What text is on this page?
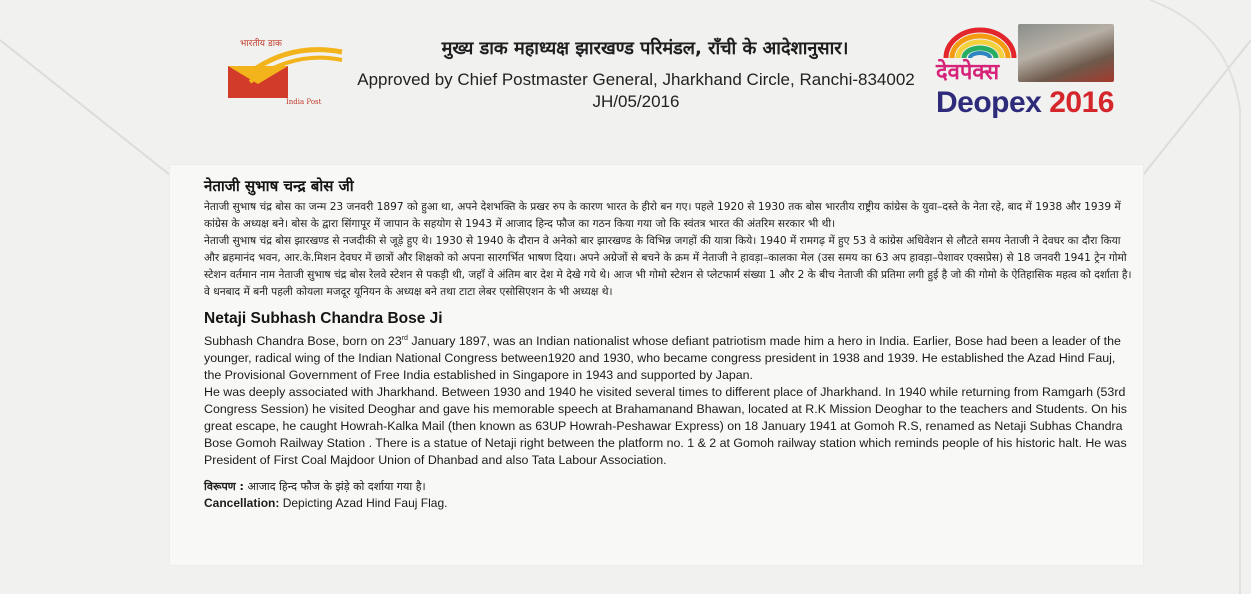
भारतीय डाक
India Post
मुख्य डाक महाध्यक्ष झारखण्ड परिमंडल, राँची के आदेशानुसार।
Approved by Chief Postmaster General, Jharkhand Circle, Ranchi-834002
JH/05/2016
देवपेक्स
Deopex 2016
नेताजी सुभाष चन्द्र बोस जी

नेताजी सुभाष चंद्र बोस का जन्म 23 जनवरी 1897 को हुआ था, अपने देशभक्ति के प्रखर रुप के कारण भारत के हीरो बन गए। पहले 1920 से 1930 तक बोस भारतीय राष्ट्रीय कांग्रेस के युवा–दस्ते के नेता रहे, बाद में 1938 और 1939 में कांग्रेस के अध्यक्ष बने। बोस के द्वारा सिंगापूर में जापान के सहयोग से 1943 में आजाद हिन्द फौज का गठन किया गया जो कि स्वंतत्र भारत की अंतरिम सरकार भी थी।

नेताजी सुभाष चंद्र बोस झारखण्ड से नजदीकी से जूड़े हुए थे। 1930 से 1940 के दौरान वे अनेको बार झारखण्ड के विभिन्न जगहों की यात्रा किये। 1940 में रामगढ़ में हुए 53 वे कांग्रेस अधिवेशन से लौटते समय नेताजी ने देवघर का दौरा किया और ब्रहमानंद भवन, आर.के.मिशन देवघर में छात्रों और शिक्षको को अपना सारगर्भित भाषण दिया। अपने अग्रेजों से बचने के क्रम में नेताजी ने हावड़ा–कालका मेल (उस समय का 63 अप हावड़ा–पेशावर एक्सप्रेस) से 18 जनवरी 1941 ट्रेन गोमो स्टेशन वर्तमान नाम नेताजी सुभाष चंद्र बोस रेलवे स्टेशन से पकड़ी थी, जहाँ वे अंतिम बार देश मे देखे गये थे। आज भी गोमो स्टेशन से प्लेटफार्म संख्या 1 और 2 के बीच नेताजी की प्रतिमा लगी हुई है जो की गोमो के ऐतिहासिक महत्व को दर्शाता है। वे धनबाद में बनी पहली कोयला मजदूर यूनियन के अध्यक्ष बने तथा टाटा लेबर एसोसिएशन के भी अध्यक्ष थे।

Netaji Subhash Chandra Bose Ji

Subhash Chandra Bose, born on 23rd January 1897, was an Indian nationalist whose defiant patriotism made him a hero in India. Earlier, Bose had been a leader of the younger, radical wing of the Indian National Congress between1920 and 1930, who became congress president in 1938 and 1939. He established the Azad Hind Fauj, the Provisional Government of Free India established in Singapore in 1943 and supported by Japan.

He was deeply associated with Jharkhand. Between 1930 and 1940 he visited several times to different place of Jharkhand. In 1940 while returning from Ramgarh (53rd Congress Session) he visited Deoghar and gave his memorable speech at Brahamanand Bhawan, located at R.K Mission Deoghar to the teachers and Students. On his great escape, he caught Howrah-Kalka Mail (then known as 63UP Howrah-Peshawar Express) on 18 January 1941 at Gomoh R.S, renamed as Netaji Subhas Chandra Bose Gomoh Railway Station . There is a statue of Netaji right between the platform no. 1 & 2 at Gomoh railway station which reminds people of his historic halt. He was President of First Coal Majdoor Union of Dhanbad and also Tata Labour Association.

विरूपण : आजाद हिन्द फौज के झंड़े को दर्शाया गया है।

Cancellation: Depicting Azad Hind Fauj Flag.
